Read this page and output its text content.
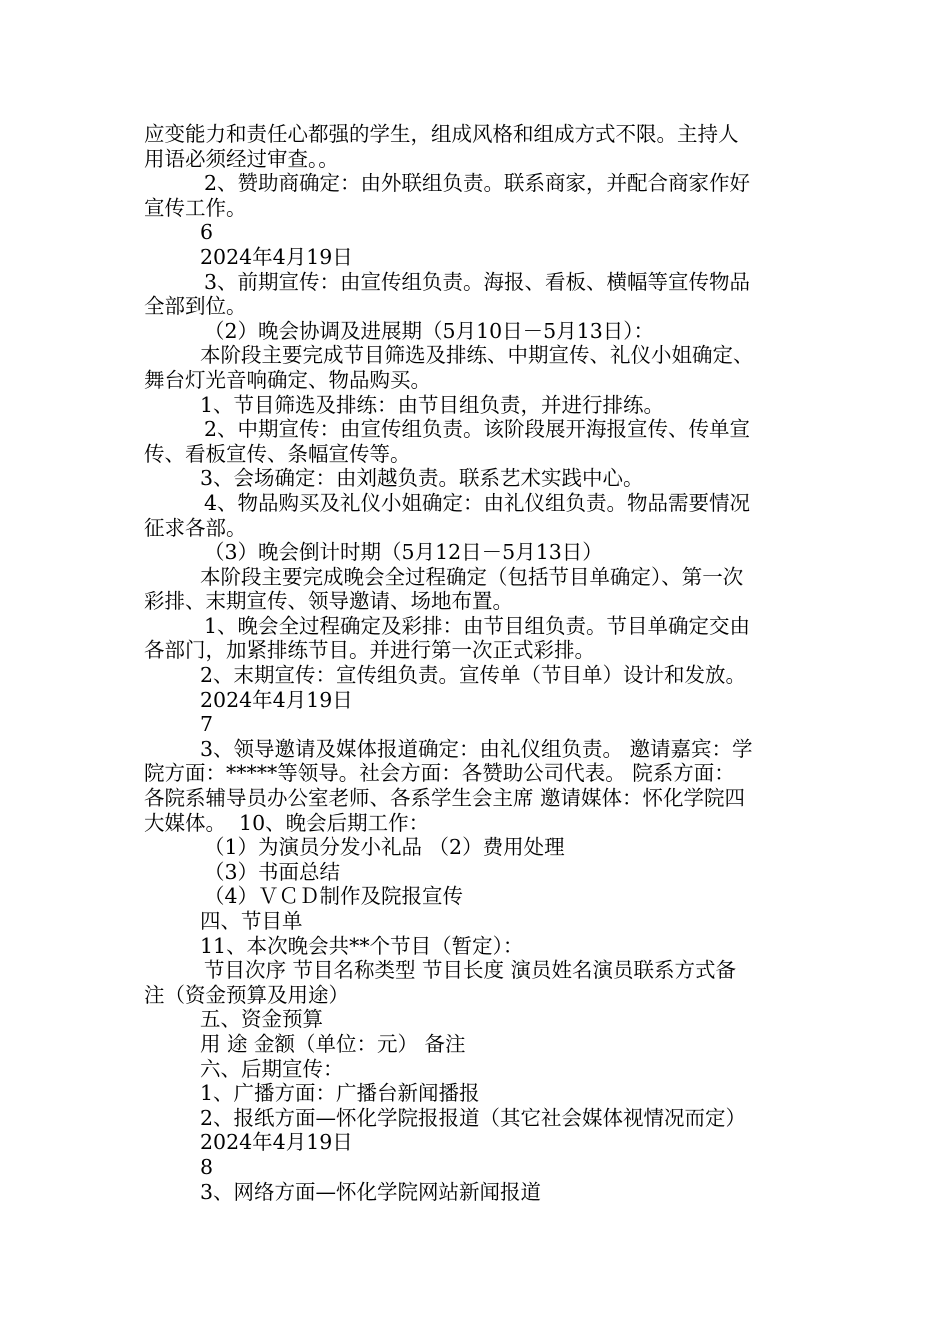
应变能力和责任心都强的学生，组成风格和组成方式不限。主持人
用语必须经过审查。。
2、赞助商确定：由外联组负责。联系商家，并配合商家作好
宣传工作。
6
2024年4月19日
3、前期宣传：由宣传组负责。海报、看板、横幅等宣传物品
全部到位。
（2）晚会协调及进展期（5月10日－5月13日）：
本阶段主要完成节目筛选及排练、中期宣传、礼仪小姐确定、
舞台灯光音响确定、物品购买。
1、节目筛选及排练：由节目组负责，并进行排练。
2、中期宣传：由宣传组负责。该阶段展开海报宣传、传单宣
传、看板宣传、条幅宣传等。
3、会场确定：由刘越负责。联系艺术实践中心。
4、物品购买及礼仪小姐确定：由礼仪组负责。物品需要情况
征求各部。
（3）晚会倒计时期（5月12日－5月13日）
本阶段主要完成晚会全过程确定（包括节目单确定）、第一次
彩排、末期宣传、领导邀请、场地布置。
1、晚会全过程确定及彩排：由节目组负责。节目单确定交由
各部门，加紧排练节目。并进行第一次正式彩排。
2、末期宣传：宣传组负责。宣传单（节目单）设计和发放。
2024年4月19日
7
3、领导邀请及媒体报道确定：由礼仪组负责。 邀请嘉宾：学
院方面：*****等领导。社会方面：各赞助公司代表。 院系方面：
各院系辅导员办公室老师、各系学生会主席 邀请媒体：怀化学院四
大媒体。  10、晚会后期工作：
（1）为演员分发小礼品 （2）费用处理
（3）书面总结
（4）ＶＣＤ制作及院报宣传
四、节目单
11、本次晚会共**个节目（暂定）：
节目次序 节目名称类型 节目长度 演员姓名演员联系方式备
注（资金预算及用途）
五、资金预算
用 途 金额（单位：元） 备注
六、后期宣传：
1、广播方面：广播台新闻播报
2、报纸方面—怀化学院报报道（其它社会媒体视情况而定）
2024年4月19日
8
3、网络方面—怀化学院网站新闻报道
